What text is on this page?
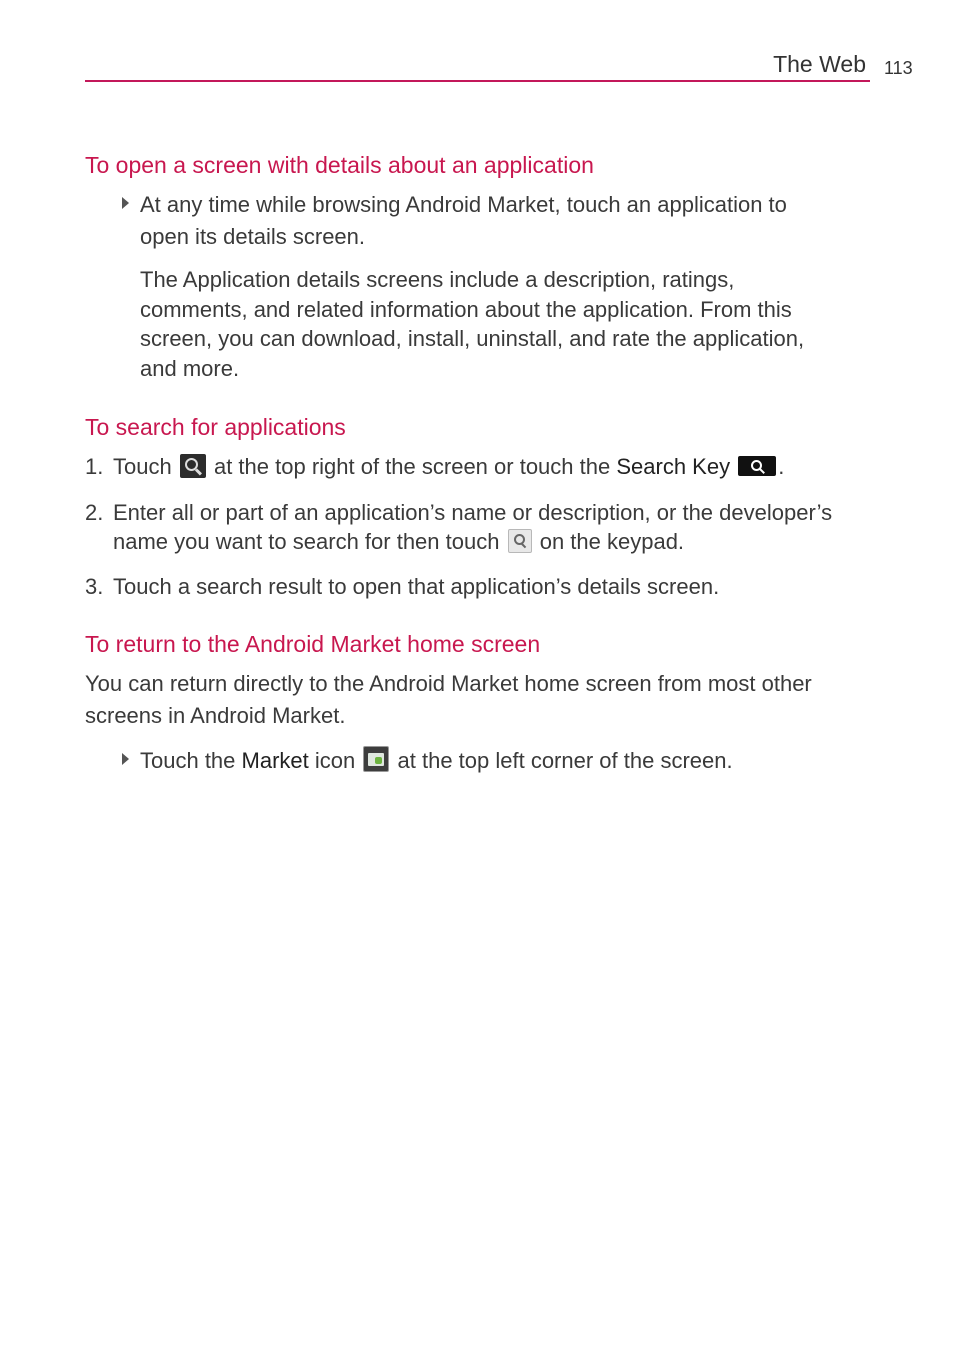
The Web 113
To open a screen with details about an application

At any time while browsing Android Market, touch an application to

open its details screen.

The Application details screens include a description, ratings,

comments, and related information about the application. From this

screen, you can download, install, uninstall, and rate the application,

and more.

To search for applications
1. Touch at the top right of the screen or touch the Search Key .

2. Enter all or part of an application’s name or description, or the developer’s

name you want to search for then touch on the keypad.

3. Touch a search result to open that application’s details screen.

To return to the Android Market home screen

You can return directly to the Android Market home screen from most other

screens in Android Market.

Touch the Market icon at the top left corner of the screen.
